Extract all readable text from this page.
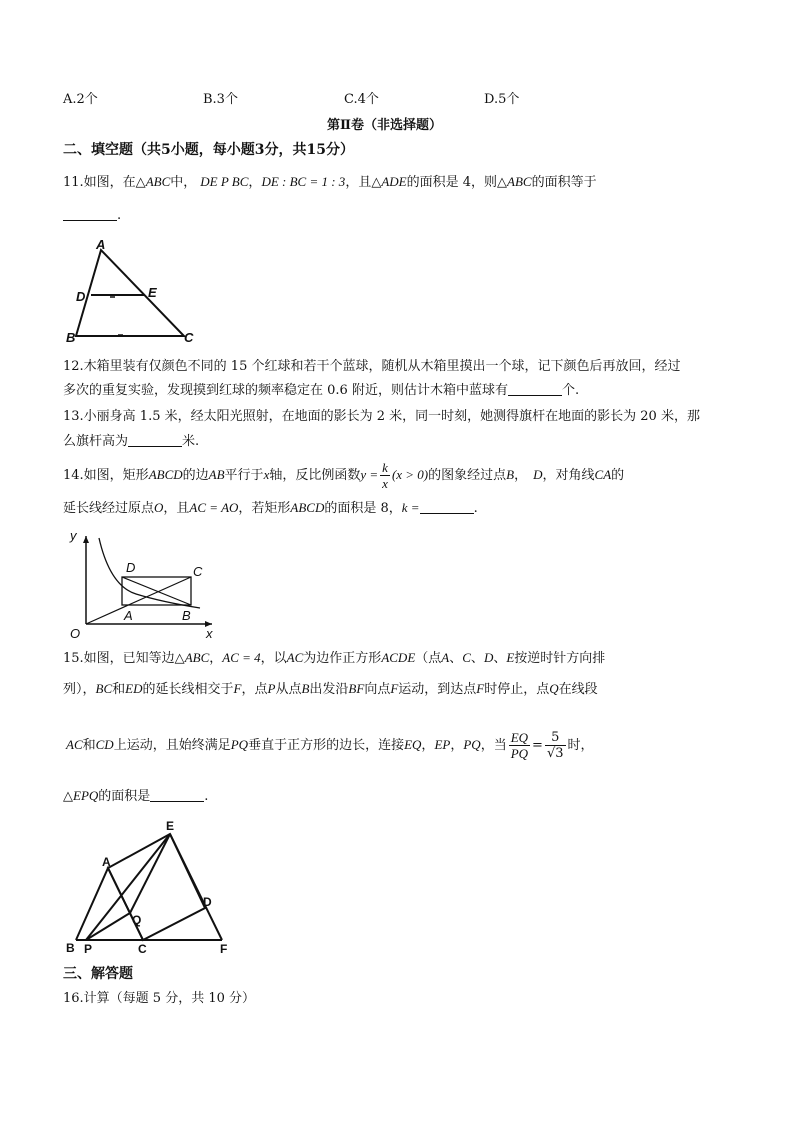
A.2个	B.3个	C.4个	D.5个
第Ⅱ卷（非选择题）
二、填空题（共5小题，每小题3分，共15分）
11.如图，在△ABC中， DE P BC，DE : BC = 1 : 3，且△ADE的面积是 4，则△ABC的面积等于
.
A
D	E
B	C
12.木箱里装有仅颜色不同的 15 个红球和若干个蓝球，随机从木箱里摸出一个球，记下颜色后再放回，经过
多次的重复实验，发现摸到红球的频率稳定在 0.6 附近，则估计木箱中蓝球有	个.
13.小丽身高 1.5 米，经太阳光照射，在地面的影长为 2 米，同一时刻，她测得旗杆在地面的影长为 20 米，那
么旗杆高为	米.
14.如图，矩形ABCD的边AB平行于x轴，反比例函数$y = \frac{k}{x} (x > 0)$的图象经过点B， D，对角线CA的
延长线经过原点O，且AC = AO，若矩形ABCD的面积是 8，k =	.
y
x
O
A	B
C
D
15.如图，已知等边△ABC，AC = 4，以AC为边作正方形ACDE（点A、C、D、E按逆时针方向排
列），BC和ED的延长线相交于F，点P从点B出发沿BF向点F运动，到达点F时停止，点Q在线段
AC和CD上运动，且始终满足PQ垂直于正方形的边长，连接EQ，EP，PQ，当 $\frac{EQ}{PQ} = \frac{5}{√3}$ 时，
△EPQ的面积是	.
E
A
D
Q
B P	C	F
三、解答题
16.计算（每题 5 分，共 10 分）
